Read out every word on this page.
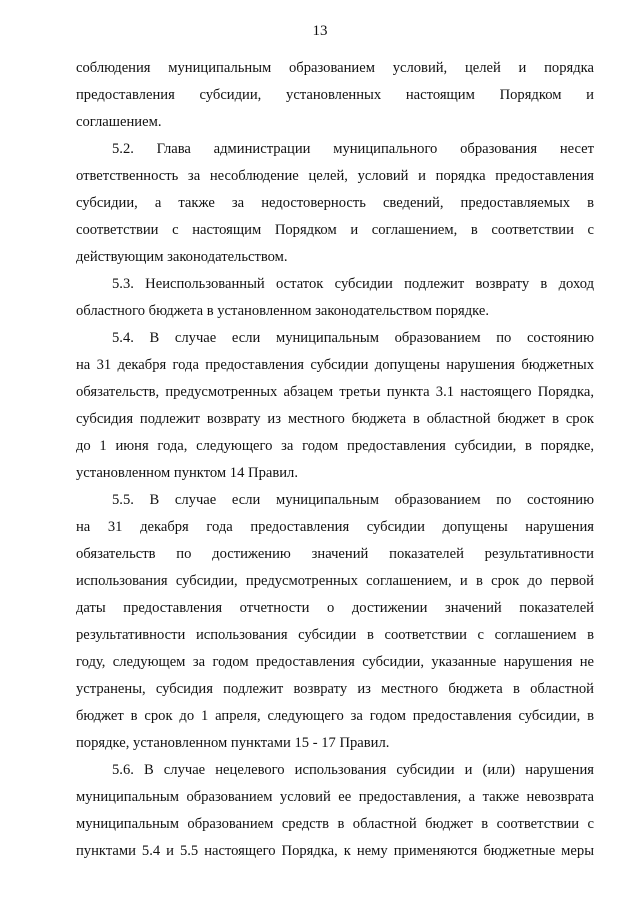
13
соблюдения муниципальным образованием условий, целей и порядка
предоставления субсидии, установленных настоящим Порядком и
соглашением.
5.2. Глава администрации муниципального образования несет
ответственность за несоблюдение целей, условий и порядка предоставления
субсидии, а также за недостоверность сведений, предоставляемых в
соответствии с настоящим Порядком и соглашением, в соответствии с
действующим законодательством.
5.3. Неиспользованный остаток субсидии подлежит возврату в доход
областного бюджета в установленном законодательством порядке.
5.4. В случае если муниципальным образованием по состоянию
на 31 декабря года предоставления субсидии допущены нарушения бюджетных
обязательств, предусмотренных абзацем третьи пункта 3.1 настоящего Порядка,
субсидия подлежит возврату из местного бюджета в областной бюджет в срок
до 1 июня года, следующего за годом предоставления субсидии, в порядке,
установленном пунктом 14 Правил.
5.5. В случае если муниципальным образованием по состоянию
на 31 декабря года предоставления субсидии допущены нарушения
обязательств по достижению значений показателей результативности
использования субсидии, предусмотренных соглашением, и в срок до первой
даты предоставления отчетности о достижении значений показателей
результативности использования субсидии в соответствии с соглашением в
году, следующем за годом предоставления субсидии, указанные нарушения не
устранены, субсидия подлежит возврату из местного бюджета в областной
бюджет в срок до 1 апреля, следующего за годом предоставления субсидии, в
порядке, установленном пунктами 15 - 17 Правил.
5.6. В случае нецелевого использования субсидии и (или) нарушения
муниципальным образованием условий ее предоставления, а также невозврата
муниципальным образованием средств в областной бюджет в соответствии с
пунктами 5.4 и 5.5 настоящего Порядка, к нему применяются бюджетные меры
